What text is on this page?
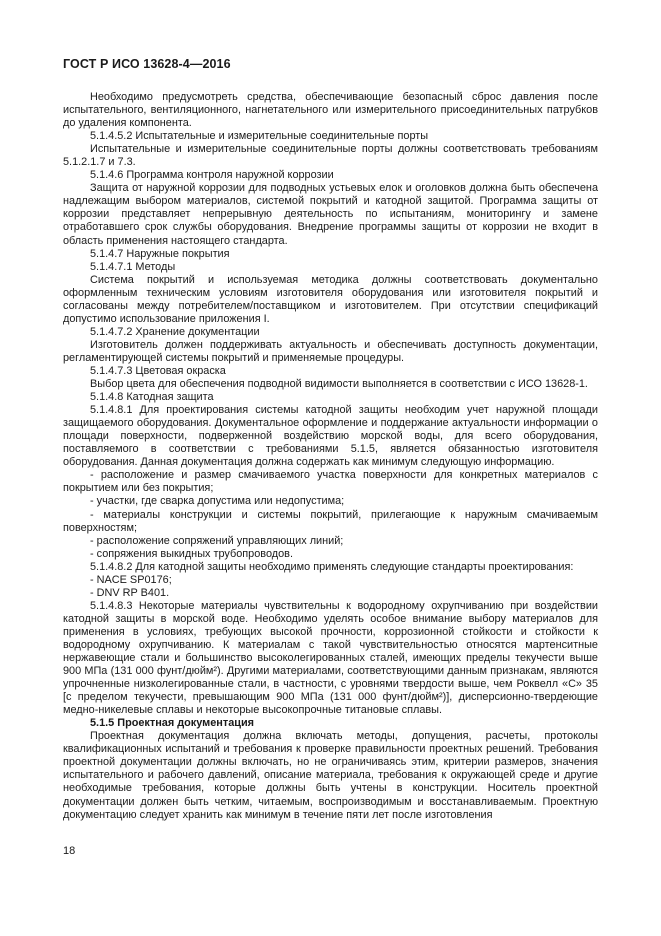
ГОСТ Р ИСО 13628-4—2016

Необходимо предусмотреть средства, обеспечивающие безопасный сброс давления после испытательного, вентиляционного, нагнетательного или измерительного присоединительных патрубков до удаления компонента.

5.1.4.5.2 Испытательные и измерительные соединительные порты

Испытательные и измерительные соединительные порты должны соответствовать требованиям 5.1.2.1.7 и 7.3.

5.1.4.6 Программа контроля наружной коррозии

Защита от наружной коррозии для подводных устьевых елок и оголовков должна быть обеспечена надлежащим выбором материалов, системой покрытий и катодной защитой. Программа защиты от коррозии представляет непрерывную деятельность по испытаниям, мониторингу и замене отработавшего срок службы оборудования. Внедрение программы защиты от коррозии не входит в область применения настоящего стандарта.

5.1.4.7 Наружные покрытия

5.1.4.7.1 Методы

Система покрытий и используемая методика должны соответствовать документально оформленным техническим условиям изготовителя оборудования или изготовителя покрытий и согласованы между потребителем/поставщиком и изготовителем. При отсутствии спецификаций допустимо использование приложения I.

5.1.4.7.2 Хранение документации

Изготовитель должен поддерживать актуальность и обеспечивать доступность документации, регламентирующей системы покрытий и применяемые процедуры.

5.1.4.7.3 Цветовая окраска

Выбор цвета для обеспечения подводной видимости выполняется в соответствии с ИСО 13628-1.

5.1.4.8 Катодная защита

5.1.4.8.1 Для проектирования системы катодной защиты необходим учет наружной площади защищаемого оборудования. Документальное оформление и поддержание актуальности информации о площади поверхности, подверженной воздействию морской воды, для всего оборудования, поставляемого в соответствии с требованиями 5.1.5, является обязанностью изготовителя оборудования. Данная документация должна содержать как минимум следующую информацию.

- расположение и размер смачиваемого участка поверхности для конкретных материалов с покрытием или без покрытия;

- участки, где сварка допустима или недопустима;

- материалы конструкции и системы покрытий, прилегающие к наружным смачиваемым поверхностям;

- расположение сопряжений управляющих линий;

- сопряжения выкидных трубопроводов.

5.1.4.8.2 Для катодной защиты необходимо применять следующие стандарты проектирования:

- NACE SP0176;

- DNV RP B401.

5.1.4.8.3 Некоторые материалы чувствительны к водородному охрупчиванию при воздействии катодной защиты в морской воде. Необходимо уделять особое внимание выбору материалов для применения в условиях, требующих высокой прочности, коррозионной стойкости и стойкости к водородному охрупчиванию. К материалам с такой чувствительностью относятся мартенситные нержавеющие стали и большинство высоколегированных сталей, имеющих пределы текучести выше 900 МПа (131 000 фунт/дюйм²). Другими материалами, соответствующими данным признакам, являются упрочненные низколегированные стали, в частности, с уровнями твердости выше, чем Роквелл «С» 35 [с пределом текучести, превышающим 900 МПа (131 000 фунт/дюйм²)], дисперсионно-твердеющие медно-никелевые сплавы и некоторые высокопрочные титановые сплавы.

5.1.5 Проектная документация

Проектная документация должна включать методы, допущения, расчеты, протоколы квалификационных испытаний и требования к проверке правильности проектных решений. Требования проектной документации должны включать, но не ограничиваясь этим, критерии размеров, значения испытательного и рабочего давлений, описание материала, требования к окружающей среде и другие необходимые требования, которые должны быть учтены в конструкции. Носитель проектной документации должен быть четким, читаемым, воспроизводимым и восстанавливаемым. Проектную документацию следует хранить как минимум в течение пяти лет после изготовления

18
